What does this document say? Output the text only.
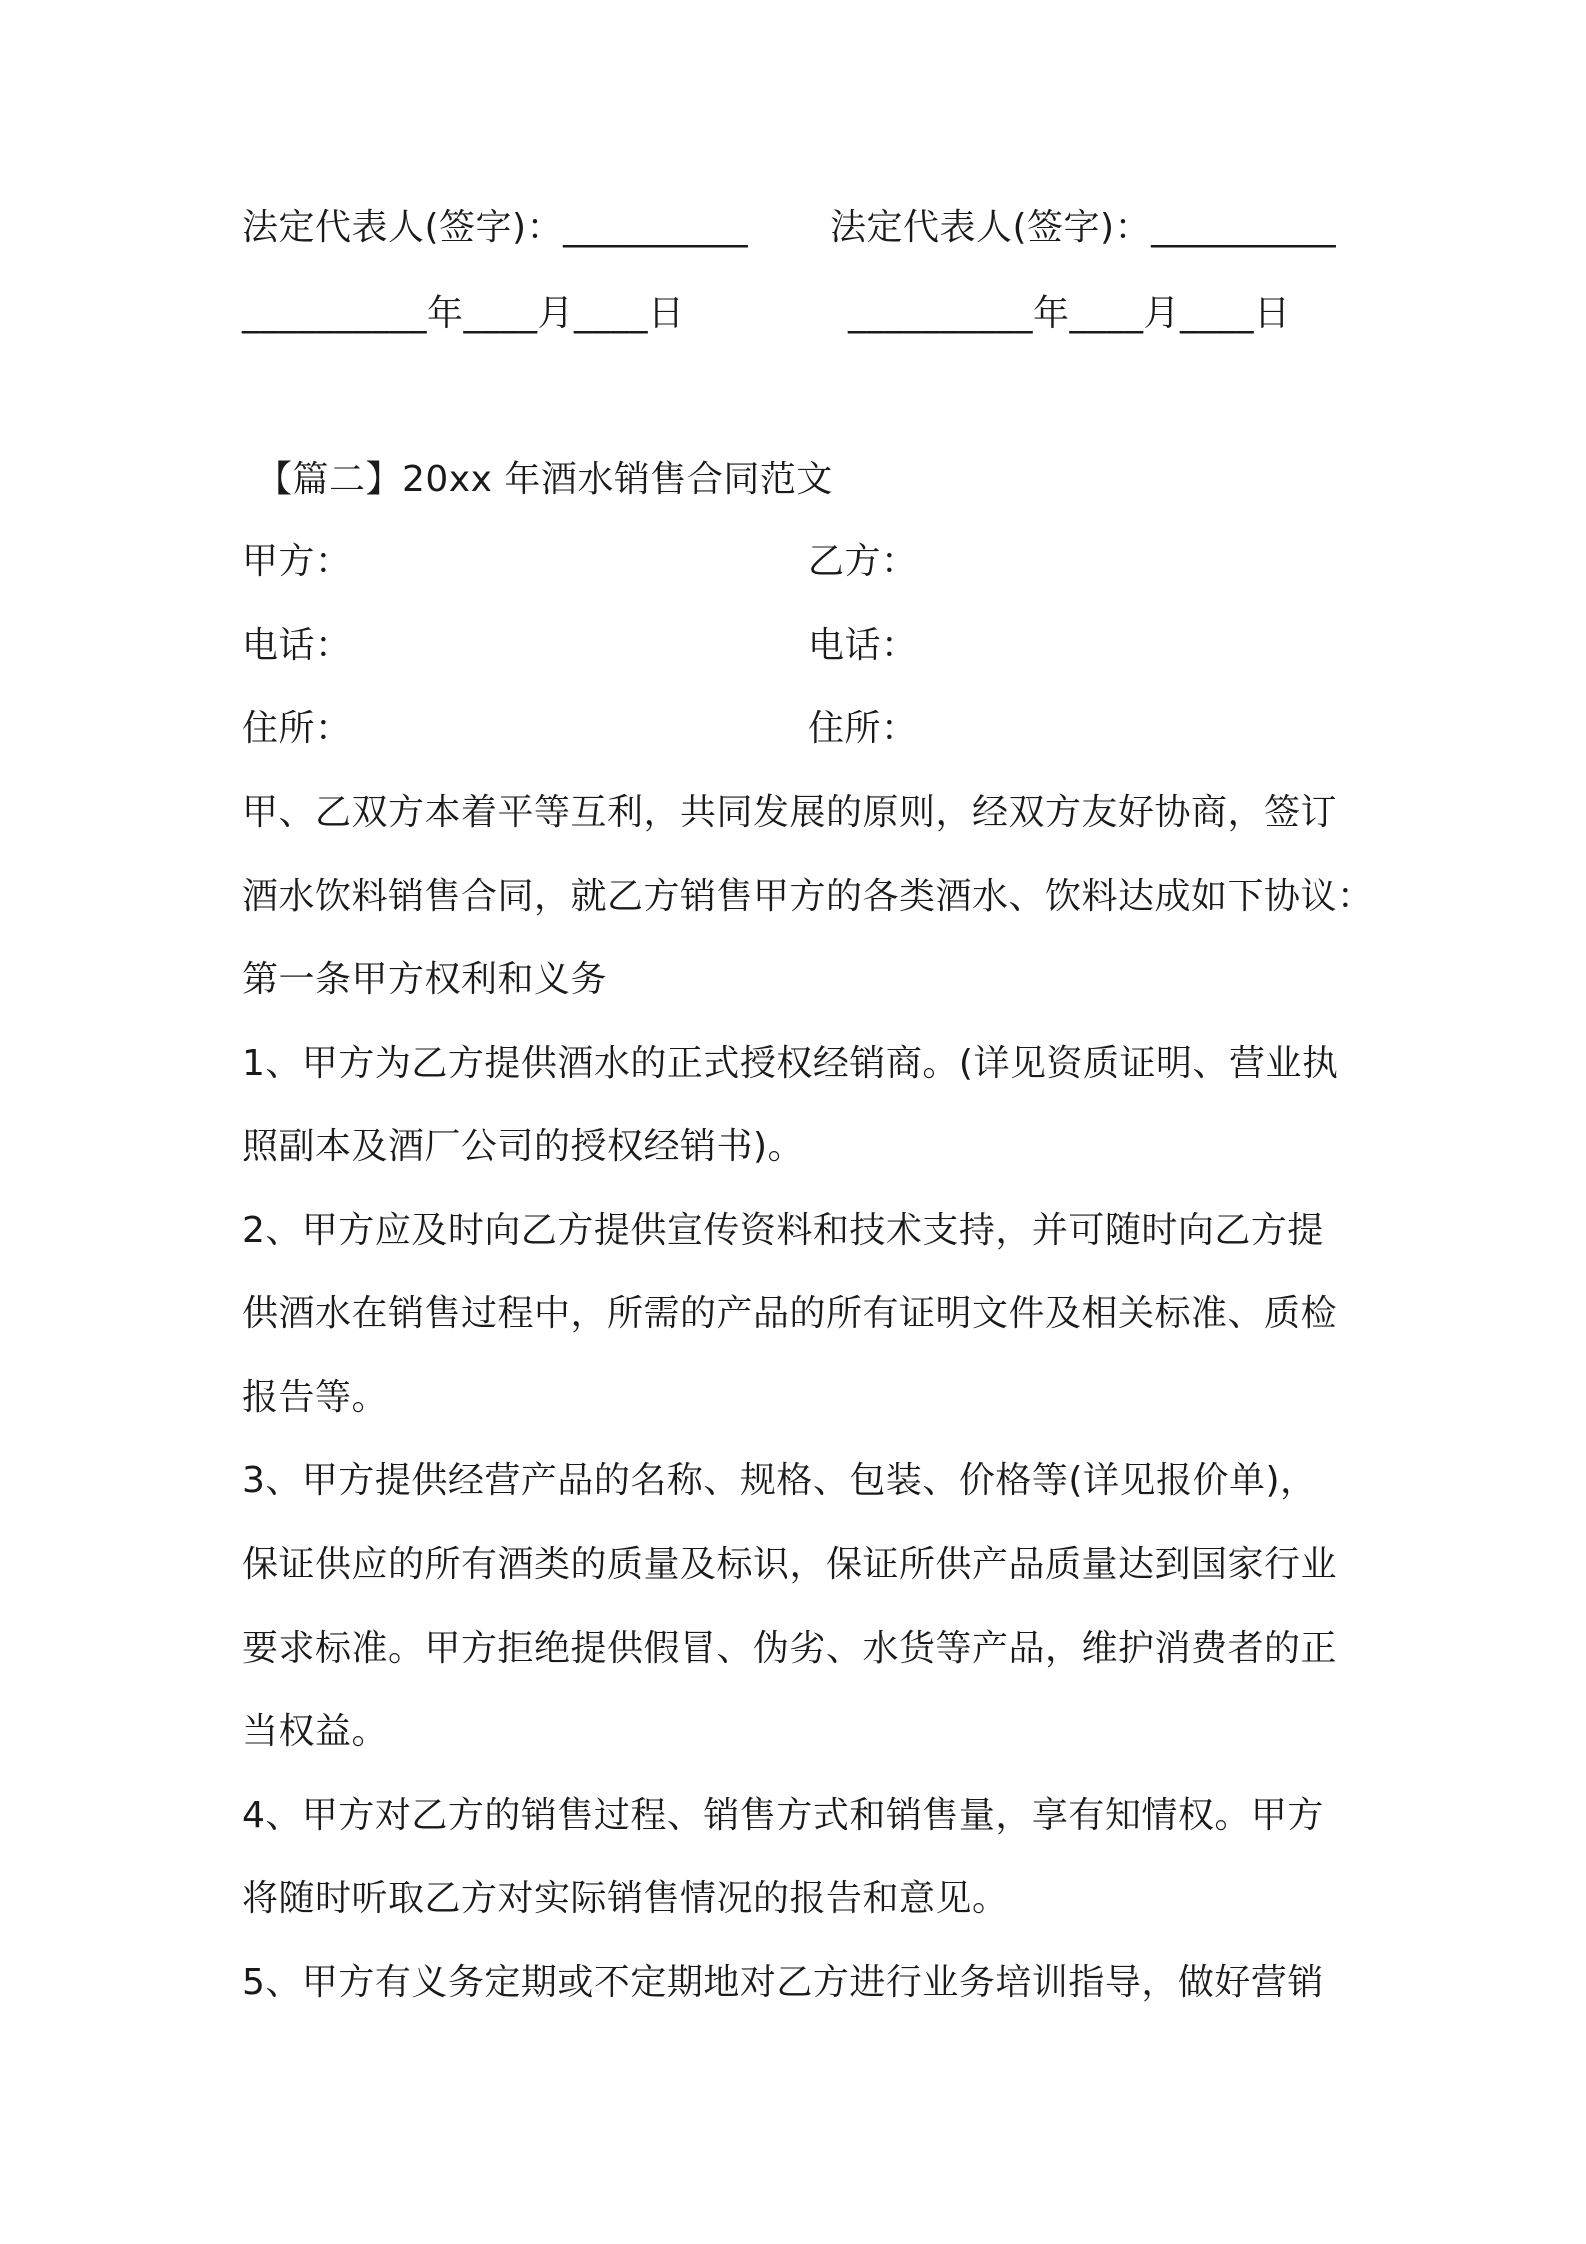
法定代表人(签字)：__________ 法定代表人(签字)：__________
__________年____月____日	__________年____月____日
【篇二】20xx 年酒水销售合同范文
甲方：	乙方：
电话：	电话：
住所：	住所：
甲、乙双方本着平等互利，共同发展的原则，经双方友好协商，签订
酒水饮料销售合同，就乙方销售甲方的各类酒水、饮料达成如下协议：
第一条甲方权利和义务
1、甲方为乙方提供酒水的正式授权经销商。(详见资质证明、营业执
照副本及酒厂公司的授权经销书)。
2、甲方应及时向乙方提供宣传资料和技术支持，并可随时向乙方提
供酒水在销售过程中，所需的产品的所有证明文件及相关标准、质检
报告等。
3、甲方提供经营产品的名称、规格、包装、价格等(详见报价单)，
保证供应的所有酒类的质量及标识，保证所供产品质量达到国家行业
要求标准。甲方拒绝提供假冒、伪劣、水货等产品，维护消费者的正
当权益。
4、甲方对乙方的销售过程、销售方式和销售量，享有知情权。甲方
将随时听取乙方对实际销售情况的报告和意见。
5、甲方有义务定期或不定期地对乙方进行业务培训指导，做好营销
